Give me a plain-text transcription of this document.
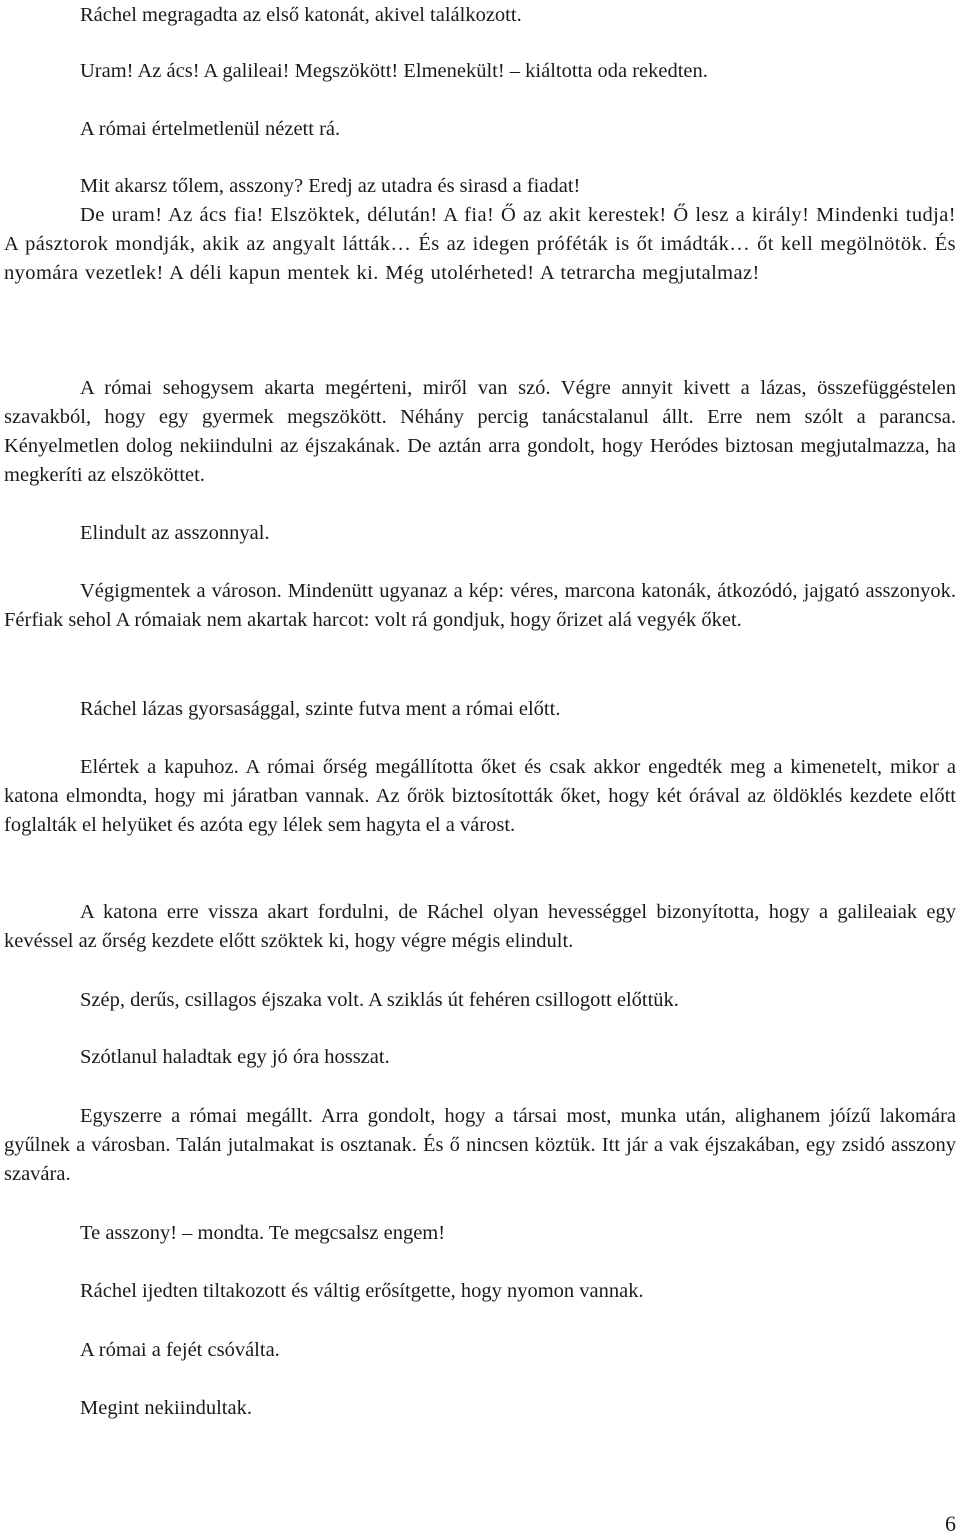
Ráchel megragadta az első katonát, akivel találkozott.

Uram! Az ács! A galileai! Megszökött! Elmenekült! ‒ kiáltotta oda rekedten.

A római értelmetlenül nézett rá.

Mit akarsz tőlem, asszony? Eredj az utadra és sirasd a fiadat!

De uram! Az ács fia! Elszöktek, délután! A fia! Ő az akit kerestek! Ő lesz a király! Mindenki tudja! A pásztorok mondják, akik az angyalt látták… És az idegen próféták is őt imádták… őt kell megölnötök. És nyomára vezetlek! A déli kapun mentek ki. Még utolérheted! A tetrarcha megjutalmaz!

A római sehogysem akarta megérteni, miről van szó. Végre annyit kivett a lázas, összefüggéstelen szavakból, hogy egy gyermek megszökött. Néhány percig tanácstalanul állt. Erre nem szólt a parancsa. Kényelmetlen dolog nekiindulni az éjszakának. De aztán arra gondolt, hogy Heródes biztosan megjutalmazza, ha megkeríti az elszököttet.

Elindult az asszonnyal.

Végigmentek a városon. Mindenütt ugyanaz a kép: véres, marcona katonák, átkozódó, jajgató asszonyok. Férfiak sehol A rómaiak nem akartak harcot: volt rá gondjuk, hogy őrizet alá vegyék őket.

Ráchel lázas gyorsasággal, szinte futva ment a római előtt.

Elértek a kapuhoz. A római őrség megállította őket és csak akkor engedték meg a kimenetelt, mikor a katona elmondta, hogy mi járatban vannak. Az őrök biztosították őket, hogy két órával az öldöklés kezdete előtt foglalták el helyüket és azóta egy lélek sem hagyta el a várost.

A katona erre vissza akart fordulni, de Ráchel olyan hevességgel bizonyította, hogy a galileaiak egy kevéssel az őrség kezdete előtt szöktek ki, hogy végre mégis elindult.

Szép, derűs, csillagos éjszaka volt. A sziklás út fehéren csillogott előttük.

Szótlanul haladtak egy jó óra hosszat.

Egyszerre a római megállt. Arra gondolt, hogy a társai most, munka után, alighanem jóízű lakomára gyűlnek a városban. Talán jutalmakat is osztanak. És ő nincsen köztük. Itt jár a vak éjszakában, egy zsidó asszony szavára.

Te asszony! ‒ mondta. Te megcsalsz engem!

Ráchel ijedten tiltakozott és váltig erősítgette, hogy nyomon vannak.

A római a fejét csóválta.

Megint nekiindultak.

6
